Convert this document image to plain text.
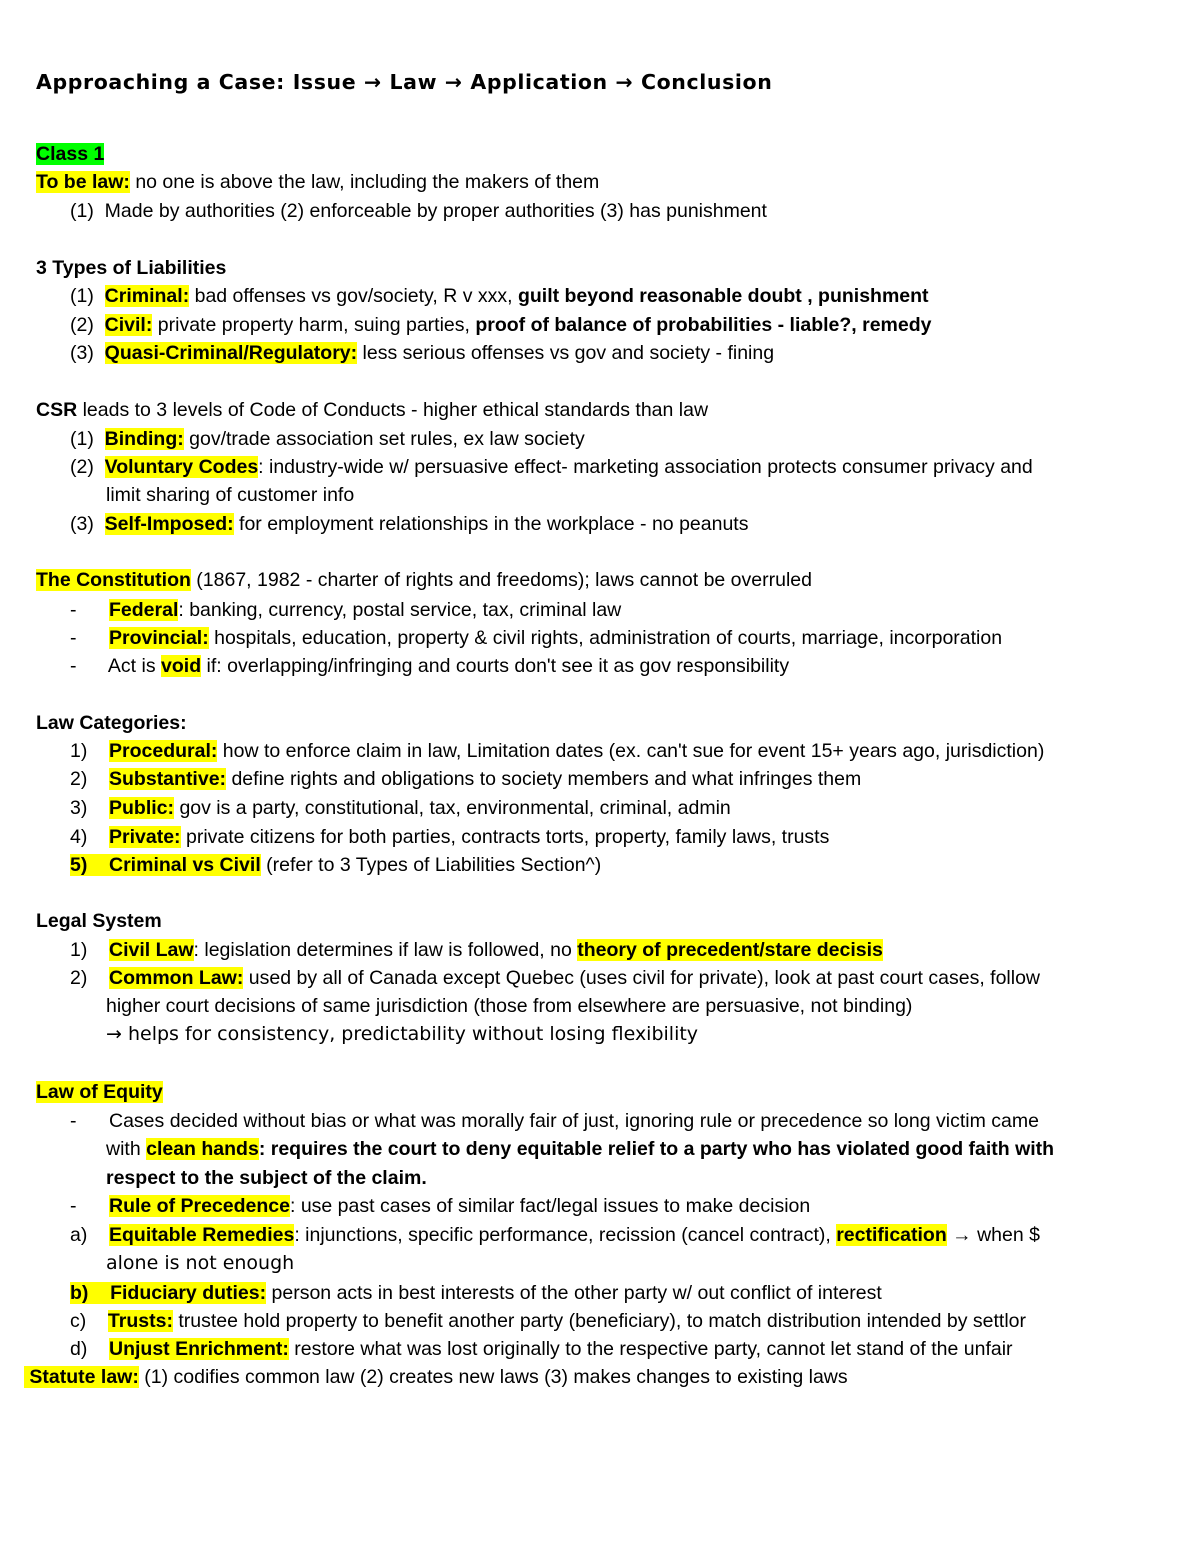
Approaching a Case: Issue → Law → Application → Conclusion
Class 1
To be law: no one is above the law, including the makers of them
(1)  Made by authorities (2) enforceable by proper authorities (3) has punishment
3 Types of Liabilities
(1)  Criminal: bad offenses vs gov/society, R v xxx, guilt beyond reasonable doubt , punishment
(2)  Civil: private property harm, suing parties, proof of balance of probabilities - liable?, remedy
(3)  Quasi-Criminal/Regulatory: less serious offenses vs gov and society - fining
CSR leads to 3 levels of Code of Conducts - higher ethical standards than law
(1)  Binding: gov/trade association set rules, ex law society
(2)  Voluntary Codes: industry-wide w/ persuasive effect- marketing association protects consumer privacy and
limit sharing of customer info
(3)  Self-Imposed: for employment relationships in the workplace - no peanuts
The Constitution (1867, 1982 - charter of rights and freedoms); laws cannot be overruled
-      Federal: banking, currency, postal service, tax, criminal law
-      Provincial: hospitals, education, property & civil rights, administration of courts, marriage, incorporation
-      Act is void if: overlapping/infringing and courts don't see it as gov responsibility
Law Categories:
1)    Procedural: how to enforce claim in law, Limitation dates (ex. can't sue for event 15+ years ago, jurisdiction)
2)    Substantive: define rights and obligations to society members and what infringes them
3)    Public: gov is a party, constitutional, tax, environmental, criminal, admin
4)    Private: private citizens for both parties, contracts torts, property, family laws, trusts
5)    Criminal vs Civil (refer to 3 Types of Liabilities Section^)
Legal System
1)    Civil Law: legislation determines if law is followed, no theory of precedent/stare decisis
2)    Common Law: used by all of Canada except Quebec (uses civil for private), look at past court cases, follow
higher court decisions of same jurisdiction (those from elsewhere are persuasive, not binding)
→ helps for consistency, predictability without losing flexibility
Law of Equity
-      Cases decided without bias or what was morally fair of just, ignoring rule or precedence so long victim came
with clean hands: requires the court to deny equitable relief to a party who has violated good faith with
respect to the subject of the claim.
-      Rule of Precedence: use past cases of similar fact/legal issues to make decision
a)    Equitable Remedies: injunctions, specific performance, recission (cancel contract), rectification → when $
alone is not enough
b)    Fiduciary duties: person acts in best interests of the other party w/ out conflict of interest
c)    Trusts: trustee hold property to benefit another party (beneficiary), to match distribution intended by settlor
d)    Unjust Enrichment: restore what was lost originally to the respective party, cannot let stand of the unfair
Statute law: (1) codifies common law (2) creates new laws (3) makes changes to existing laws
